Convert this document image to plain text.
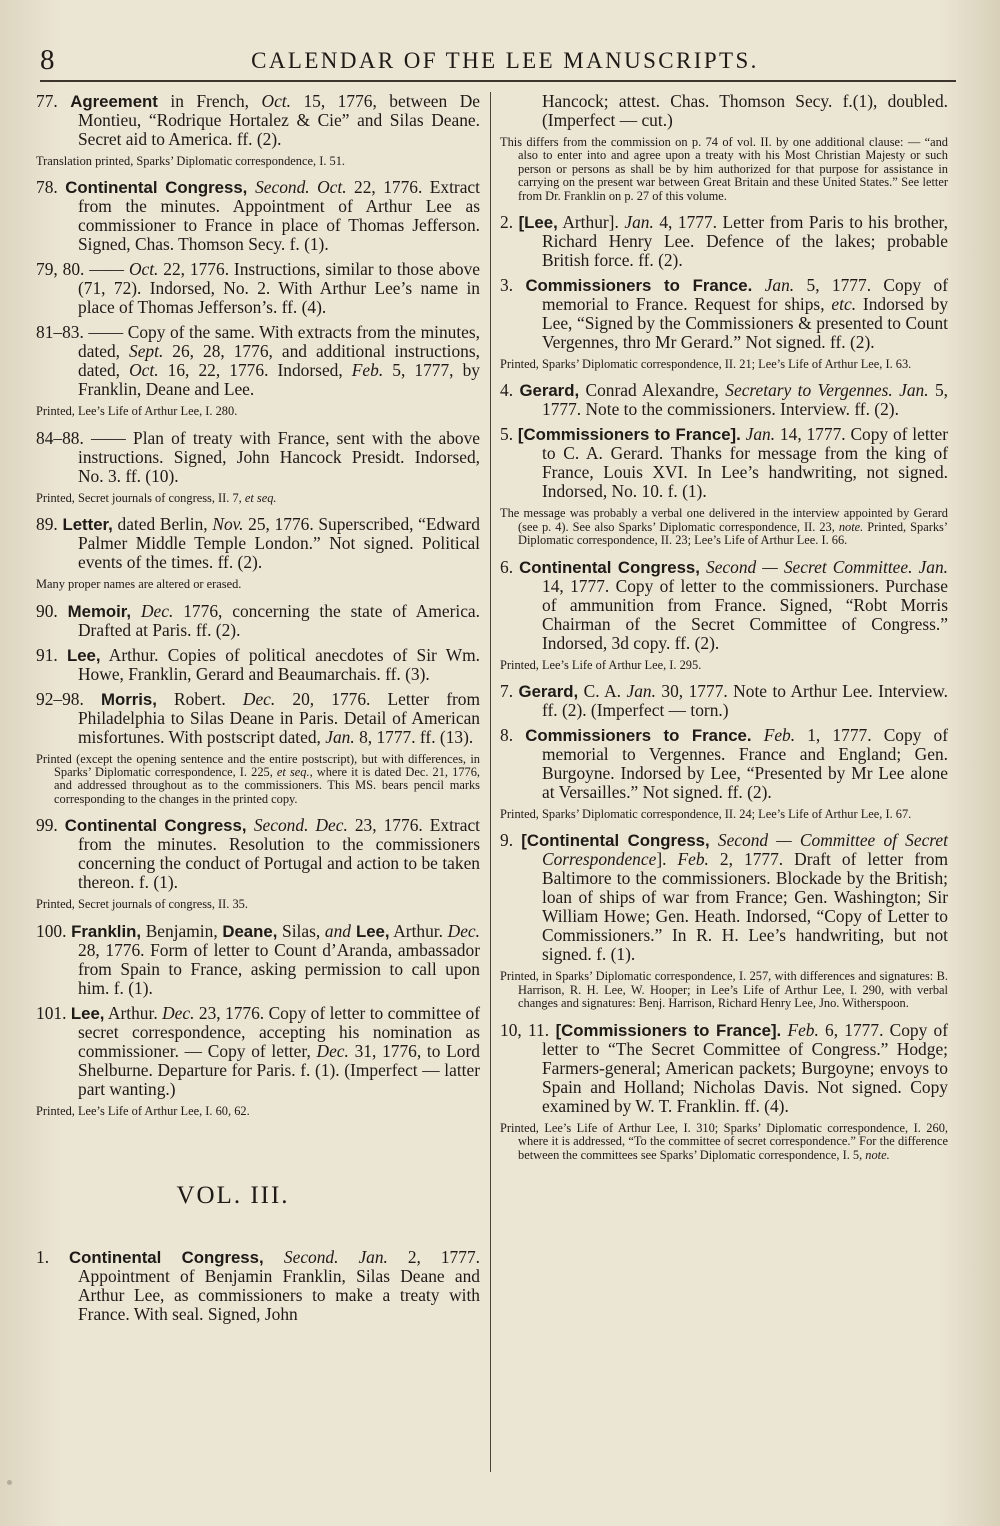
8	CALENDAR OF THE LEE MANUSCRIPTS.
77. Agreement in French, Oct. 15, 1776, between De Montieu, “Rodrique Hortalez & Cie” and Silas Deane. Secret aid to America. ff. (2).
Translation printed, Sparks’ Diplomatic correspondence, I. 51.
78. Continental Congress, Second. Oct. 22, 1776. Extract from the minutes. Appointment of Arthur Lee as commissioner to France in place of Thomas Jefferson. Signed, Chas. Thomson Secy. f. (1).
79, 80. —— Oct. 22, 1776. Instructions, similar to those above (71, 72). Indorsed, No. 2. With Arthur Lee’s name in place of Thomas Jefferson’s. ff. (4).
81–83. —— Copy of the same. With extracts from the minutes, dated, Sept. 26, 28, 1776, and additional instructions, dated, Oct. 16, 22, 1776. Indorsed, Feb. 5, 1777, by Franklin, Deane and Lee.
Printed, Lee’s Life of Arthur Lee, I. 280.
84–88. —— Plan of treaty with France, sent with the above instructions. Signed, John Hancock Presidt. Indorsed, No. 3. ff. (10).
Printed, Secret journals of congress, II. 7, et seq.
89. Letter, dated Berlin, Nov. 25, 1776. Superscribed, “Edward Palmer Middle Temple London.” Not signed. Political events of the times. ff. (2).
Many proper names are altered or erased.
90. Memoir, Dec. 1776, concerning the state of America. Drafted at Paris. ff. (2).
91. Lee, Arthur. Copies of political anecdotes of Sir Wm. Howe, Franklin, Gerard and Beaumarchais. ff. (3).
92–98. Morris, Robert. Dec. 20, 1776. Letter from Philadelphia to Silas Deane in Paris. Detail of American misfortunes. With postscript dated, Jan. 8, 1777. ff. (13).
Printed (except the opening sentence and the entire postscript), but with differences, in Sparks’ Diplomatic correspondence, I. 225, et seq., where it is dated Dec. 21, 1776, and addressed throughout as to the commissioners. This MS. bears pencil marks corresponding to the changes in the printed copy.
99. Continental Congress, Second. Dec. 23, 1776. Extract from the minutes. Resolution to the commissioners concerning the conduct of Portugal and action to be taken thereon. f. (1).
Printed, Secret journals of congress, II. 35.
100. Franklin, Benjamin, Deane, Silas, and Lee, Arthur. Dec. 28, 1776. Form of letter to Count d’Aranda, ambassador from Spain to France, asking permission to call upon him. f. (1).
101. Lee, Arthur. Dec. 23, 1776. Copy of letter to committee of secret correspondence, accepting his nomination as commissioner. — Copy of letter, Dec. 31, 1776, to Lord Shelburne. Departure for Paris. f. (1). (Imperfect — latter part wanting.)
Printed, Lee’s Life of Arthur Lee, I. 60, 62.
VOL. III.
1. Continental Congress, Second. Jan. 2, 1777. Appointment of Benjamin Franklin, Silas Deane and Arthur Lee, as commissioners to make a treaty with France. With seal. Signed, John
Hancock; attest. Chas. Thomson Secy. f.(1), doubled. (Imperfect — cut.)
This differs from the commission on p. 74 of vol. II. by one additional clause: — “and also to enter into and agree upon a treaty with his Most Christian Majesty or such person or persons as shall be by him authorized for that purpose for assistance in carrying on the present war between Great Britain and these United States.” See letter from Dr. Franklin on p. 27 of this volume.
2. [Lee, Arthur]. Jan. 4, 1777. Letter from Paris to his brother, Richard Henry Lee. Defence of the lakes; probable British force. ff. (2).
3. Commissioners to France. Jan. 5, 1777. Copy of memorial to France. Request for ships, etc. Indorsed by Lee, “Signed by the Commissioners & presented to Count Vergennes, thro Mr Gerard.” Not signed. ff. (2).
Printed, Sparks’ Diplomatic correspondence, II. 21; Lee’s Life of Arthur Lee, I. 63.
4. Gerard, Conrad Alexandre, Secretary to Vergennes. Jan. 5, 1777. Note to the commissioners. Interview. ff. (2).
5. [Commissioners to France]. Jan. 14, 1777. Copy of letter to C. A. Gerard. Thanks for message from the king of France, Louis XVI. In Lee’s handwriting, not signed. Indorsed, No. 10. f. (1).
The message was probably a verbal one delivered in the interview appointed by Gerard (see p. 4). See also Sparks’ Diplomatic correspondence, II. 23, note. Printed, Sparks’ Diplomatic correspondence, II. 23; Lee’s Life of Arthur Lee. I. 66.
6. Continental Congress, Second — Secret Committee. Jan. 14, 1777. Copy of letter to the commissioners. Purchase of ammunition from France. Signed, “Robt Morris Chairman of the Secret Committee of Congress.” Indorsed, 3d copy. ff. (2).
Printed, Lee’s Life of Arthur Lee, I. 295.
7. Gerard, C. A. Jan. 30, 1777. Note to Arthur Lee. Interview. ff. (2). (Imperfect — torn.)
8. Commissioners to France. Feb. 1, 1777. Copy of memorial to Vergennes. France and England; Gen. Burgoyne. Indorsed by Lee, “Presented by Mr Lee alone at Versailles.” Not signed. ff. (2).
Printed, Sparks’ Diplomatic correspondence, II. 24; Lee’s Life of Arthur Lee, I. 67.
9. [Continental Congress, Second — Committee of Secret Correspondence]. Feb. 2, 1777. Draft of letter from Baltimore to the commissioners. Blockade by the British; loan of ships of war from France; Gen. Washington; Sir William Howe; Gen. Heath. Indorsed, “Copy of Letter to Commissioners.” In R. H. Lee’s handwriting, but not signed. f. (1).
Printed, in Sparks’ Diplomatic correspondence, I. 257, with differences and signatures: B. Harrison, R. H. Lee, W. Hooper; in Lee’s Life of Arthur Lee, I. 290, with verbal changes and signatures: Benj. Harrison, Richard Henry Lee, Jno. Witherspoon.
10, 11. [Commissioners to France]. Feb. 6, 1777. Copy of letter to “The Secret Committee of Congress.” Hodge; Farmers-general; American packets; Burgoyne; envoys to Spain and Holland; Nicholas Davis. Not signed. Copy examined by W. T. Franklin. ff. (4).
Printed, Lee’s Life of Arthur Lee, I. 310; Sparks’ Diplomatic correspondence, I. 260, where it is addressed, “To the committee of secret correspondence.” For the difference between the committees see Sparks’ Diplomatic correspondence, I. 5, note.
